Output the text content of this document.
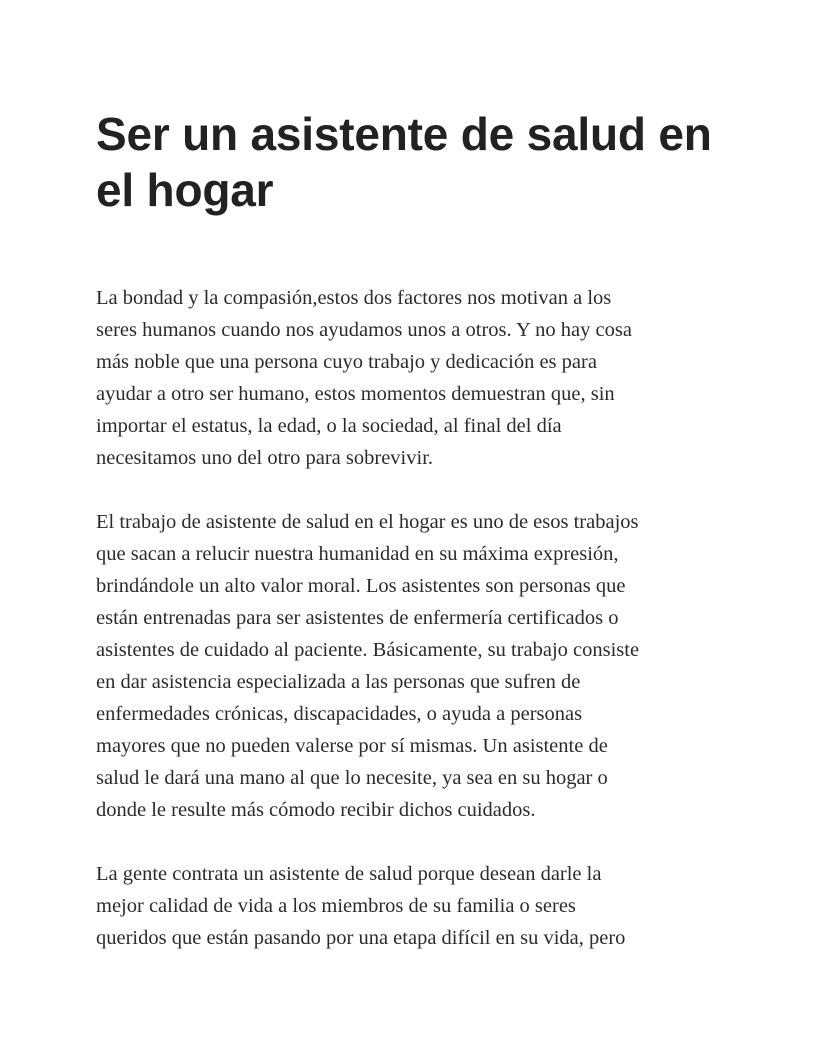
Ser un asistente de salud en
el hogar

La bondad y la compasión,estos dos factores nos motivan a los
seres humanos cuando nos ayudamos unos a otros. Y no hay cosa
más noble que una persona cuyo trabajo y dedicación es para
ayudar a otro ser humano, estos momentos demuestran que, sin
importar el estatus, la edad, o la sociedad, al final del día
necesitamos uno del otro para sobrevivir.

El trabajo de asistente de salud en el hogar es uno de esos trabajos
que sacan a relucir nuestra humanidad en su máxima expresión,
brindándole un alto valor moral. Los asistentes son personas que
están entrenadas para ser asistentes de enfermería certificados o
asistentes de cuidado al paciente. Básicamente, su trabajo consiste
en dar asistencia especializada a las personas que sufren de
enfermedades crónicas, discapacidades, o ayuda a personas
mayores que no pueden valerse por sí mismas. Un asistente de
salud le dará una mano al que lo necesite, ya sea en su hogar o
donde le resulte más cómodo recibir dichos cuidados.

La gente contrata un asistente de salud porque desean darle la
mejor calidad de vida a los miembros de su familia o seres
queridos que están pasando por una etapa difícil en su vida, pero
